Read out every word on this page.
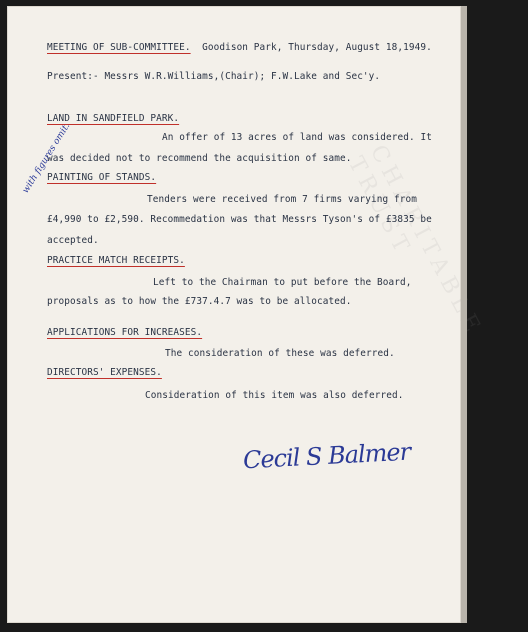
CHARITABLE TRUST

MEETING OF SUB-COMMITTEE.  Goodison Park, Thursday, August 18,1949.

Present:- Messrs W.R.Williams,(Chair); F.W.Lake and Sec'y.

LAND IN SANDFIELD PARK.

An offer of 13 acres of land was considered. It

was decided not to recommend the acquisition of same.

PAINTING OF STANDS.

Tenders were received from 7 firms varying from

£4,990 to £2,590. Recommedation was that Messrs Tyson's of £3835 be

accepted.

PRACTICE MATCH RECEIPTS.

Left to the Chairman to put before the Board,

proposals as to how the £737.4.7 was to be allocated.

APPLICATIONS FOR INCREASES.

The consideration of these was deferred.

DIRECTORS' EXPENSES.

Consideration of this item was also deferred.

with figures omit.
Cecil S Balmer
